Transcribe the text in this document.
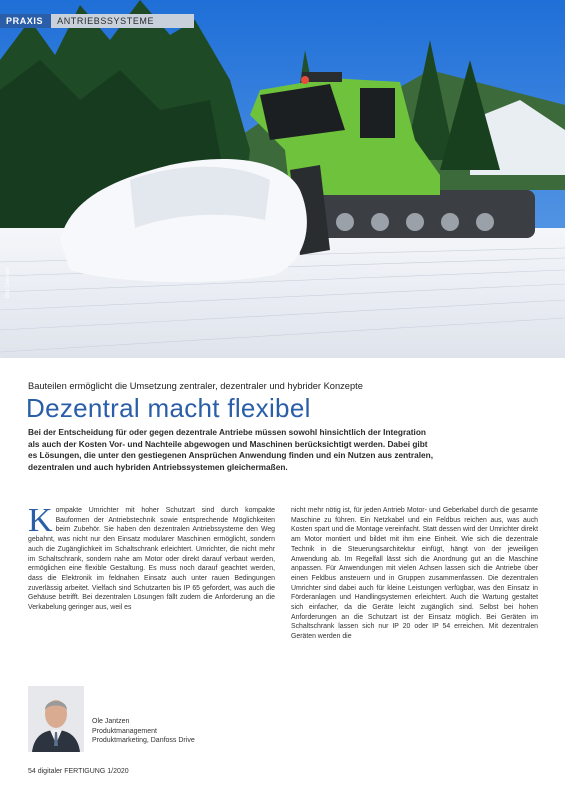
PRAXIS	ANTRIEBSSYSTEME
Bild: Dorndorf
Bauteilen ermöglicht die Umsetzung zentraler, dezentraler und hybrider Konzepte
Dezentral macht flexibel
Bei der Entscheidung für oder gegen dezentrale Antriebe müssen sowohl hinsichtlich der Integration als auch der Kosten Vor- und Nachteile abgewogen und Maschinen berücksichtigt werden. Dabei gibt es Lösungen, die unter den gestiegenen Ansprüchen Anwendung finden und ein Nutzen aus zentralen, dezentralen und auch hybriden Antriebssystemen gleichermaßen.
K ompakte Umrichter mit hoher Schutzart sind durch kompakte Bauformen der Antriebstechnik sowie entsprechende Möglichkeiten beim Zubehör. Sie haben den dezentralen Antriebssysteme den Weg gebahnt, was nicht nur den Einsatz modularer Maschinen ermöglicht, sondern auch die Zugänglichkeit im Schaltschrank erleichtert. Umrichter, die nicht mehr im Schaltschrank, sondern nahe am Motor oder direkt darauf verbaut werden, ermöglichen eine flexible Gestaltung. Es muss noch darauf geachtet werden, dass die Elektronik im feldnahen Einsatz auch unter rauen Bedingungen zuverlässig arbeitet. Vielfach sind Schutzarten bis IP 65 gefordert, was auch die Gehäuse betrifft. Bei dezentralen Lösungen fällt zudem die Anforderung an die Verkabelung geringer aus, weil es
nicht mehr nötig ist, für jeden Antrieb Motor- und Geberkabel durch die gesamte Maschine zu führen. Ein Netzkabel und ein Feldbus reichen aus, was auch Kosten spart und die Montage vereinfacht. Statt dessen wird der Umrichter direkt am Motor montiert und bildet mit ihm eine Einheit. Wie sich die dezentrale Technik in die Steuerungsarchitektur einfügt, hängt von der jeweiligen Anwendung ab. Im Regelfall lässt sich die Anordnung gut an die Maschine anpassen. Für Anwendungen mit vielen Achsen lassen sich die Antriebe über einen Feldbus ansteuern und in Gruppen zusammenfassen. Die dezentralen Umrichter sind dabei auch für kleine Leistungen verfügbar, was den Einsatz in Förderanlagen und Handlingsystemen erleichtert. Auch die Wartung gestaltet sich einfacher, da die Geräte leicht zugänglich sind. Selbst bei hohen Anforderungen an die Schutzart ist der Einsatz möglich. Bei Geräten im Schaltschrank lassen sich nur IP 20 oder IP 54 erreichen. Mit dezentralen Geräten werden die
Ole Jantzen
Produktmanagement
Produktmarketing, Danfoss Drive
54 digitaler FERTIGUNG 1/2020
